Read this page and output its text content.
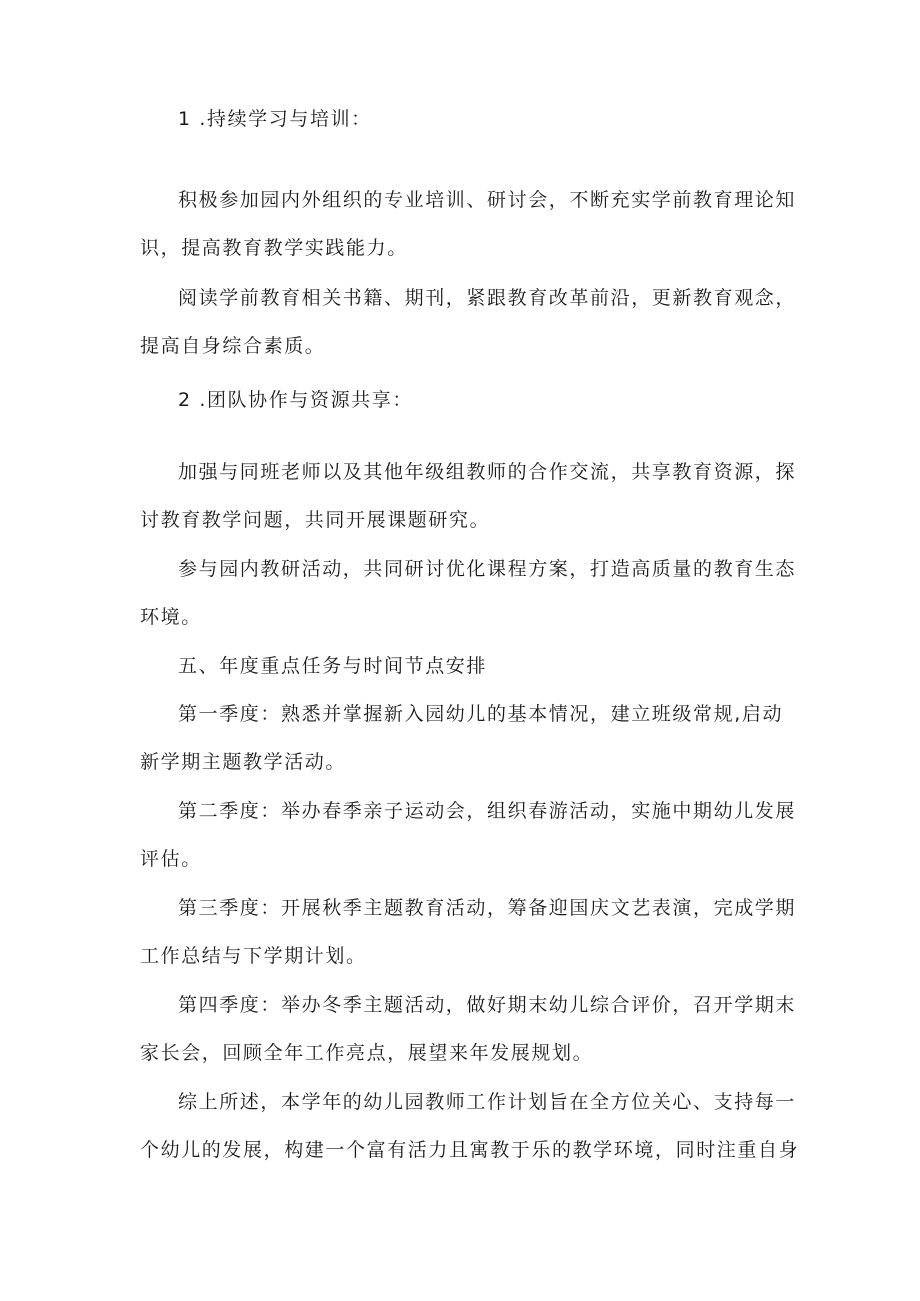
1 .持续学习与培训：
积极参加园内外组织的专业培训、研讨会，不断充实学前教育理论知
识，提高教育教学实践能力。
阅读学前教育相关书籍、期刊，紧跟教育改革前沿，更新教育观念，
提高自身综合素质。
2 .团队协作与资源共享：
加强与同班老师以及其他年级组教师的合作交流，共享教育资源，探
讨教育教学问题，共同开展课题研究。
参与园内教研活动，共同研讨优化课程方案，打造高质量的教育生态
环境。
五、年度重点任务与时间节点安排
第一季度：熟悉并掌握新入园幼儿的基本情况，建立班级常规,启动
新学期主题教学活动。
第二季度：举办春季亲子运动会，组织春游活动，实施中期幼儿发展
评估。
第三季度：开展秋季主题教育活动，筹备迎国庆文艺表演，完成学期
工作总结与下学期计划。
第四季度：举办冬季主题活动，做好期末幼儿综合评价，召开学期末
家长会，回顾全年工作亮点，展望来年发展规划。
综上所述，本学年的幼儿园教师工作计划旨在全方位关心、支持每一
个幼儿的发展，构建一个富有活力且寓教于乐的教学环境，同时注重自身
